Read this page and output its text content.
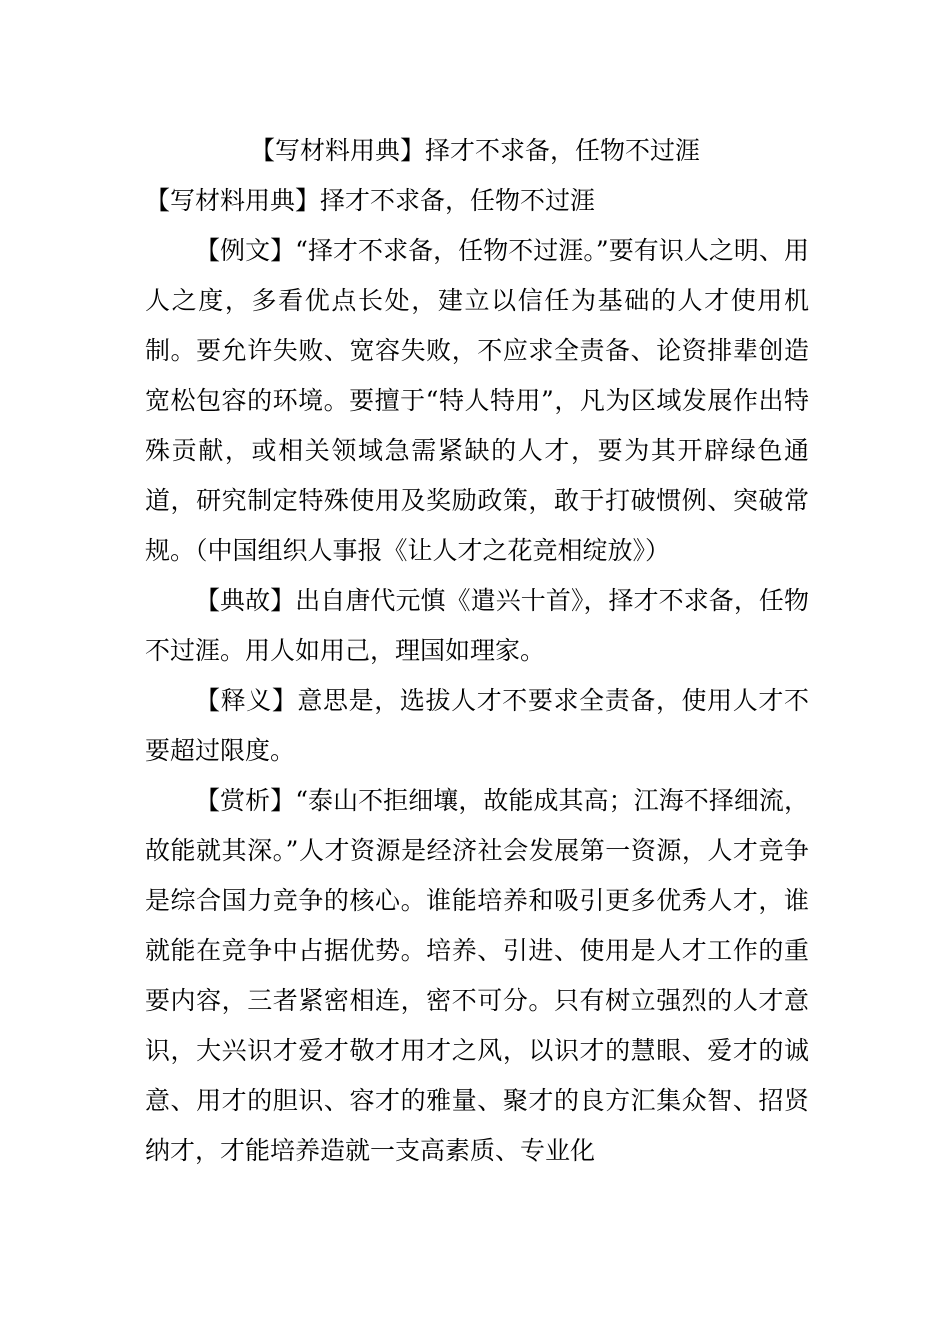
【写材料用典】择才不求备，任物不过涯
【写材料用典】择才不求备，任物不过涯

【例文】“择才不求备，任物不过涯。”要有识人之明、用人之度，多看优点长处，建立以信任为基础的人才使用机制。要允许失败、宽容失败，不应求全责备、论资排辈创造宽松包容的环境。要擅于“特人特用”，凡为区域发展作出特殊贡献，或相关领域急需紧缺的人才，要为其开辟绿色通道，研究制定特殊使用及奖励政策，敢于打破惯例、突破常规。（中国组织人事报《让人才之花竞相绽放》）

【典故】出自唐代元慎《遣兴十首》，择才不求备，任物不过涯。用人如用己，理国如理家。

【释义】意思是，选拔人才不要求全责备，使用人才不要超过限度。

【赏析】“泰山不拒细壤，故能成其高；江海不择细流，故能就其深。”人才资源是经济社会发展第一资源，人才竞争是综合国力竞争的核心。谁能培养和吸引更多优秀人才，谁就能在竞争中占据优势。培养、引进、使用是人才工作的重要内容，三者紧密相连，密不可分。只有树立强烈的人才意识，大兴识才爱才敬才用才之风，以识才的慧眼、爱才的诚意、用才的胆识、容才的雅量、聚才的良方汇集众智、招贤纳才，才能培养造就一支高素质、专业化
